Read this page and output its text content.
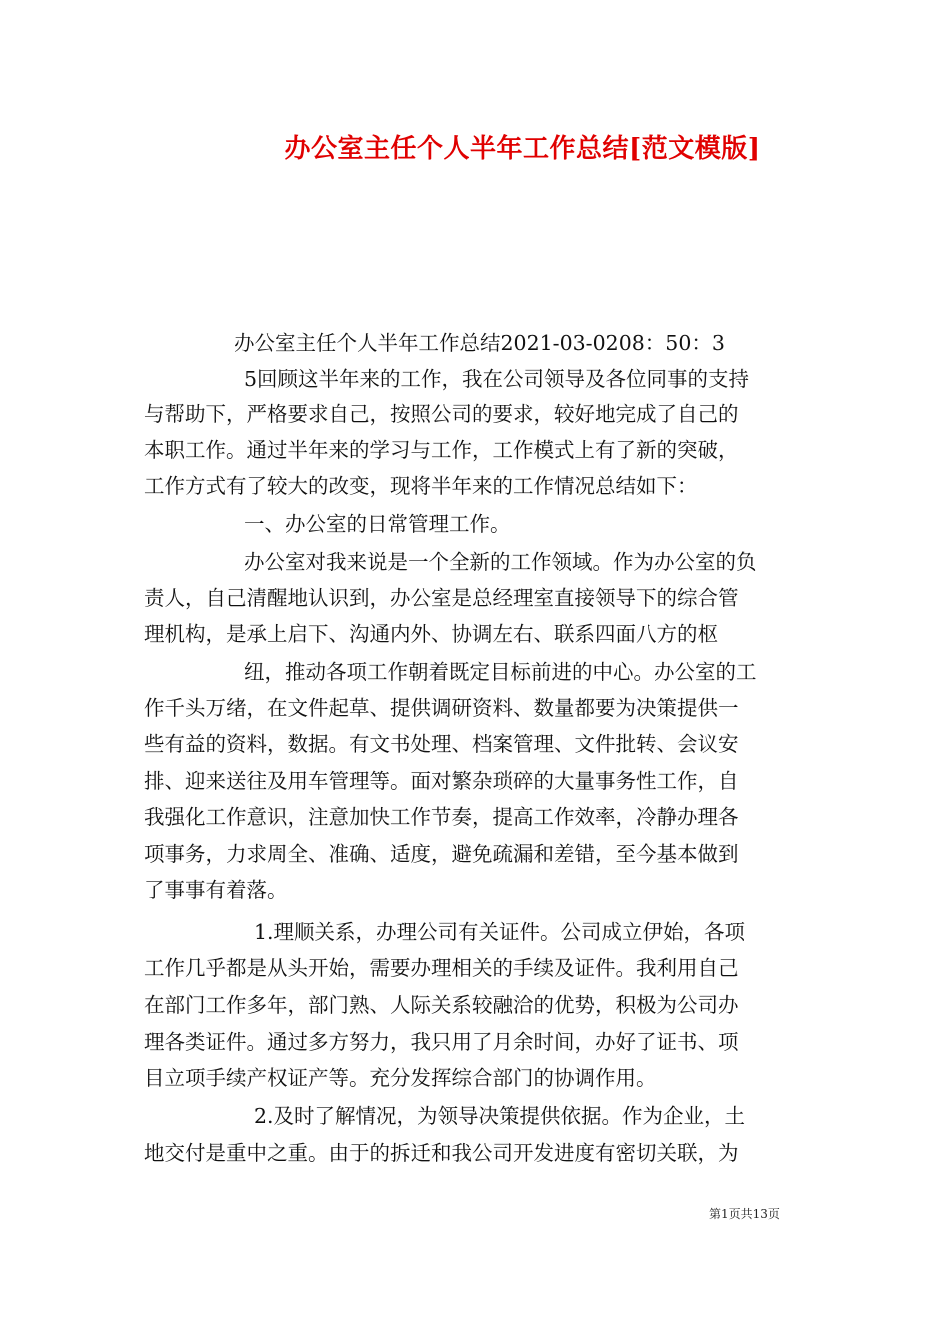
办公室主任个人半年工作总结[范文模版]
办公室主任个人半年工作总结2021-03-0208：50：3
5回顾这半年来的工作，我在公司领导及各位同事的支持
与帮助下，严格要求自己，按照公司的要求，较好地完成了自己的
本职工作。通过半年来的学习与工作，工作模式上有了新的突破，
工作方式有了较大的改变，现将半年来的工作情况总结如下：
一、办公室的日常管理工作。
办公室对我来说是一个全新的工作领域。作为办公室的负
责人，自己清醒地认识到，办公室是总经理室直接领导下的综合管
理机构，是承上启下、沟通内外、协调左右、联系四面八方的枢
纽，推动各项工作朝着既定目标前进的中心。办公室的工
作千头万绪，在文件起草、提供调研资料、数量都要为决策提供一
些有益的资料，数据。有文书处理、档案管理、文件批转、会议安
排、迎来送往及用车管理等。面对繁杂琐碎的大量事务性工作，自
我强化工作意识，注意加快工作节奏，提高工作效率，冷静办理各
项事务，力求周全、准确、适度，避免疏漏和差错，至今基本做到
了事事有着落。
1.理顺关系，办理公司有关证件。公司成立伊始，各项
工作几乎都是从头开始，需要办理相关的手续及证件。我利用自己
在部门工作多年，部门熟、人际关系较融洽的优势，积极为公司办
理各类证件。通过多方努力，我只用了月余时间，办好了证书、项
目立项手续产权证产等。充分发挥综合部门的协调作用。
2.及时了解情况，为领导决策提供依据。作为企业，土
地交付是重中之重。由于的拆迁和我公司开发进度有密切关联，为
第1页共13页
